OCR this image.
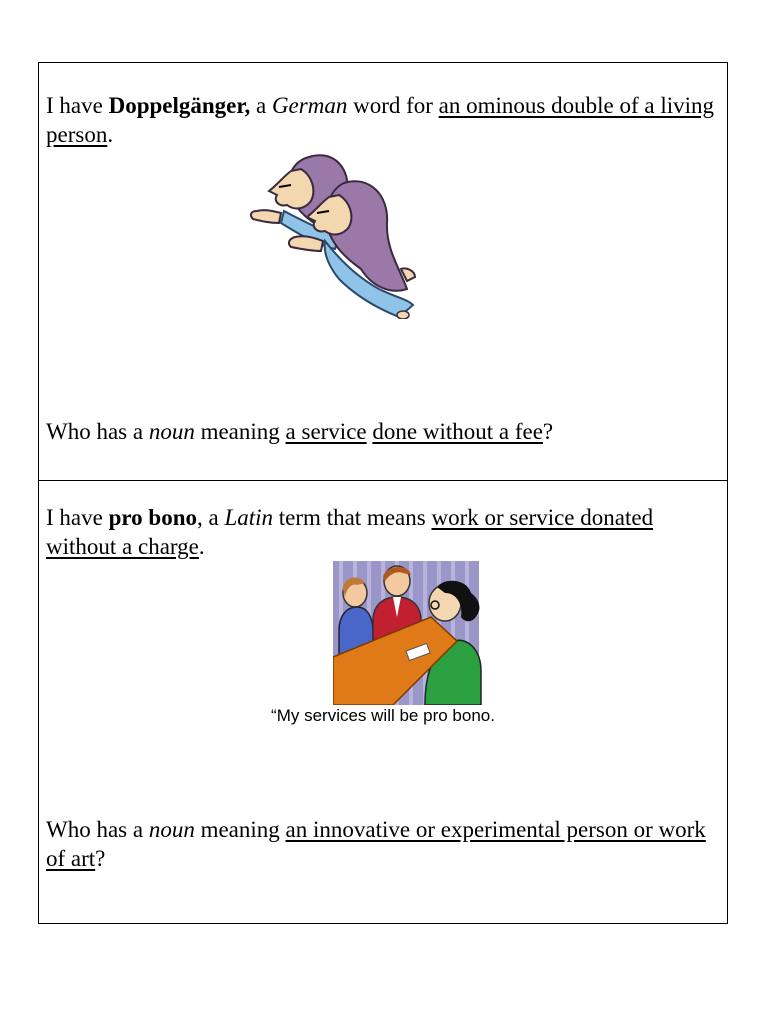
I have Doppelgänger, a German word for an ominous double of a living person.

Who has a noun meaning a service done without a fee?

I have pro bono, a Latin term that means work or service donated without a charge.

“My services will be pro bono.

Who has a noun meaning an innovative or experimental person or work of art?
